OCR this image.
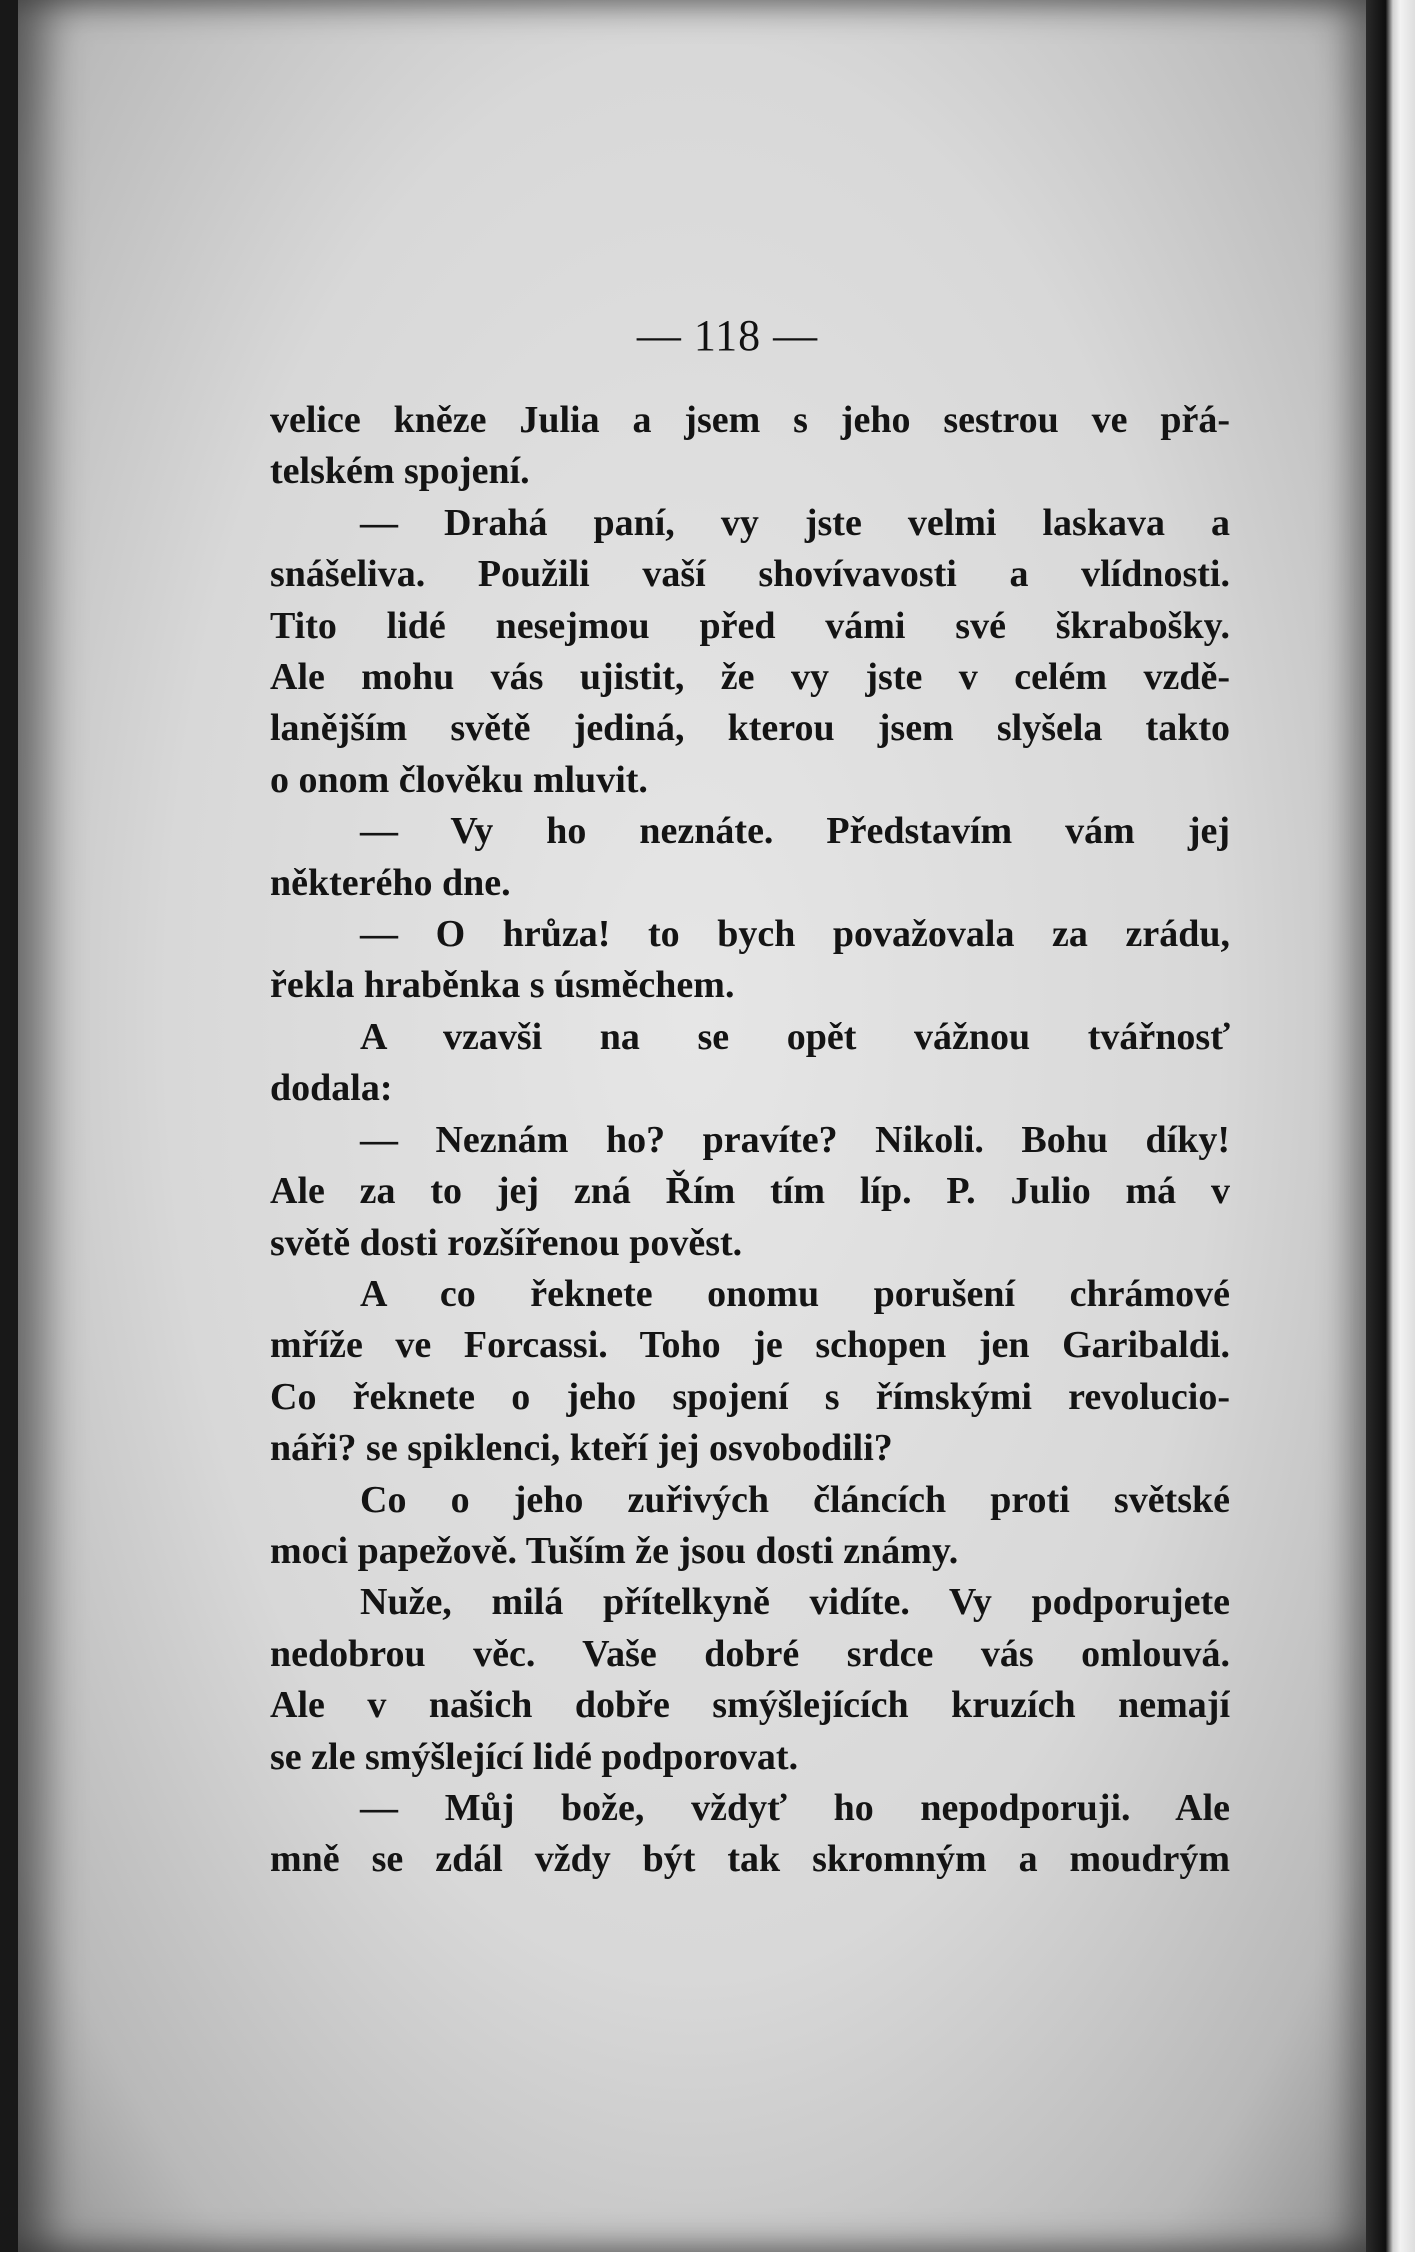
— 118 —
velice kněze Julia a jsem s jeho sestrou ve přá-
telském spojení.
— Drahá paní, vy jste velmi laskava a
snášeliva. Použili vaší shovívavosti a vlídnosti.
Tito lidé nesejmou před vámi své škrabošky.
Ale mohu vás ujistit, že vy jste v celém vzdě-
lanějším světě jediná, kterou jsem slyšela takto
o onom člověku mluvit.
— Vy ho neznáte. Představím vám jej
některého dne.
— O hrůza! to bych považovala za zrádu,
řekla hraběnka s úsměchem.
A vzavši na se opět vážnou tvářnosť
dodala:
— Neznám ho? pravíte? Nikoli. Bohu díky!
Ale za to jej zná Řím tím líp. P. Julio má v
světě dosti rozšířenou pověst.
A co řeknete onomu porušení chrámové
mříže ve Forcassi. Toho je schopen jen Garibaldi.
Co řeknete o jeho spojení s římskými revolucio-
náři? se spiklenci, kteří jej osvobodili?
Co o jeho zuřivých článcích proti světské
moci papežově. Tuším že jsou dosti známy.
Nuže, milá přítelkyně vidíte. Vy podporujete
nedobrou věc. Vaše dobré srdce vás omlouvá.
Ale v našich dobře smýšlejících kruzích nemají
se zle smýšlející lidé podporovat.
— Můj bože, vždyť ho nepodporuji. Ale
mně se zdál vždy být tak skromným a moudrým
